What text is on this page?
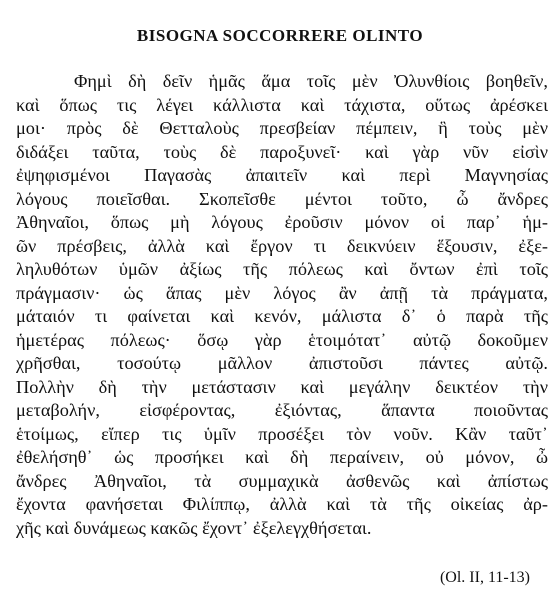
BISOGNA SOCCORRERE OLINTO
Φημὶ δὴ δεῖν ἡμᾶς ἅμα τοῖς μὲν Ὀλυνθίοις βοηθεῖν,
καὶ ὅπως τις λέγει κάλλιστα καὶ τάχιστα, οὕτως ἀρέσκει
μοι· πρὸς δὲ Θετταλοὺς πρεσβείαν πέμπειν, ἣ τοὺς μὲν
διδάξει ταῦτα, τοὺς δὲ παροξυνεῖ· καὶ γὰρ νῦν εἰσὶν
ἐψηφισμένοι Παγασὰς ἀπαιτεῖν καὶ περὶ Μαγνησίας
λόγους ποιεῖσθαι. Σκοπεῖσθε μέντοι τοῦτο, ὦ ἄνδρες
Ἀθηναῖοι, ὅπως μὴ λόγους ἐροῦσιν μόνον οἱ παρ᾽ ἡμ-
ῶν πρέσβεις, ἀλλὰ καὶ ἔργον τι δεικνύειν ἕξουσιν, ἐξε-
ληλυθότων ὑμῶν ἀξίως τῆς πόλεως καὶ ὄντων ἐπὶ τοῖς
πράγμασιν· ὡς ἅπας μὲν λόγος ἂν ἀπῇ τὰ πράγματα,
μάταιόν τι φαίνεται καὶ κενόν, μάλιστα δ᾽ ὁ παρὰ τῆς
ἡμετέρας πόλεως· ὅσῳ γὰρ ἑτοιμότατ᾽ αὐτῷ δοκοῦμεν
χρῆσθαι, τοσούτῳ μᾶλλον ἀπιστοῦσι πάντες αὐτῷ.
Πολλὴν δὴ τὴν μετάστασιν καὶ μεγάλην δεικτέον τὴν
μεταβολήν, εἰσφέροντας, ἐξιόντας, ἅπαντα ποιοῦντας
ἑτοίμως, εἴπερ τις ὑμῖν προσέξει τὸν νοῦν. Κἂν ταῦτ᾽
ἐθελήσηθ᾽ ὡς προσήκει καὶ δὴ περαίνειν, οὐ μόνον, ὦ
ἄνδρες Ἀθηναῖοι, τὰ συμμαχικὰ ἀσθενῶς καὶ ἀπίστως
ἔχοντα φανήσεται Φιλίππῳ, ἀλλὰ καὶ τὰ τῆς οἰκείας ἀρ-
χῆς καὶ δυνάμεως κακῶς ἔχοντ᾽ ἐξελεγχθήσεται.
(Ol. II, 11-13)
